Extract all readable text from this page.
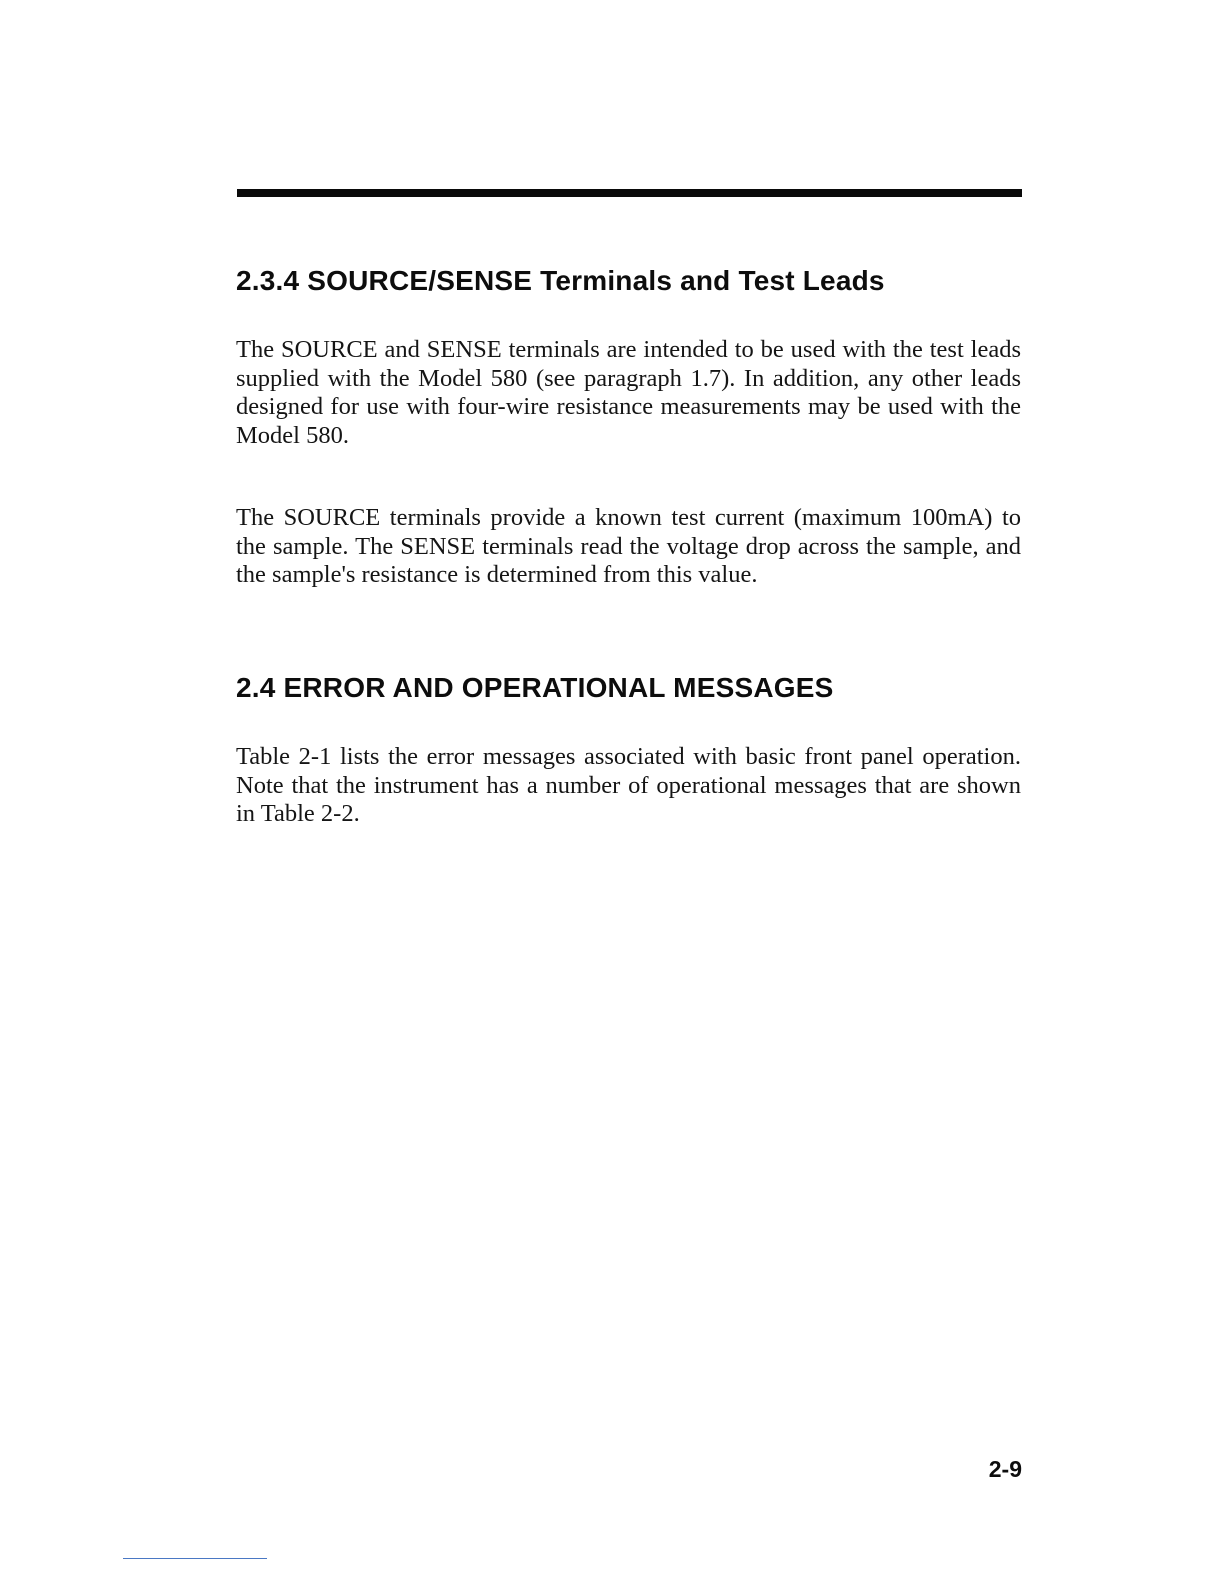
2.3.4 SOURCE/SENSE Terminals and Test Leads

The SOURCE and SENSE terminals are intended to be used with the test leads supplied with the Model 580 (see paragraph 1.7). In addition, any other leads designed for use with four-wire resistance measurements may be used with the Model 580.

The SOURCE terminals provide a known test current (maximum 100mA) to the sample. The SENSE terminals read the voltage drop across the sample, and the sample's resistance is determined from this value.

2.4 ERROR AND OPERATIONAL MESSAGES

Table 2-1 lists the error messages associated with basic front panel operation. Note that the instrument has a number of operational messages that are shown in Table 2-2.

2-9
